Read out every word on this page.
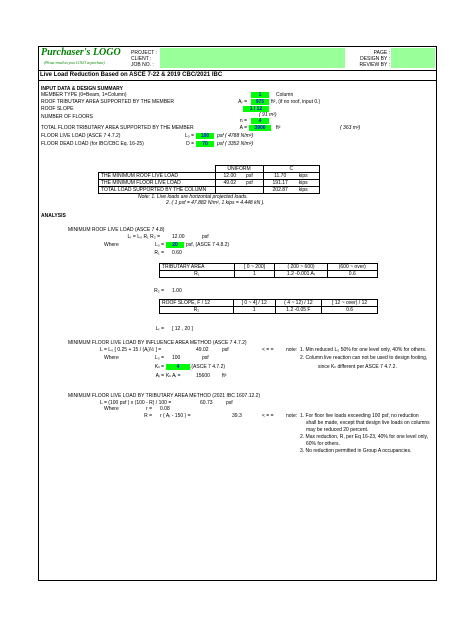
Purchaser's LOGO
(Please email us your LOGO at purchase)
PROJECT :
CLIENT :
JOB NO. :
PAGE :
DESIGN BY :
REVIEW BY :
Live Load Reduction Based on ASCE 7-22 & 2019 CBC/2021 IBC
INPUT DATA & DESIGN SUMMARY
MEMBER TYPE (0=Beam, 1=Column)	1	Column
ROOF TRIBUTARY AREA SUPPORTED BY THE MEMBER	Aᵣ =	975	ft², (if no roof, input 0.)
ROOF SLOPE	1 / 12
( 91 m²)
NUMBER OF FLOORS
n =	4
TOTAL FLOOR TRIBUTARY AREA SUPPORTED BY THE MEMBER	A =	3900	ft²	( 363 m²)
FLOOR LIVE LOAD (ASCE 7 4.7.2)	L₀ =	100	psf ( 4788 N/m²)
FLOOR DEAD LOAD (for IBC/CBC Eq. 16-25)	D =	70	psf ( 3352 N/m²)
	UNIFORM		C	
THE MINIMUM ROOF LIVE LOAD	12.00	psf	11.70	kips
THE MINIMUM FLOOR LIVE LOAD	49.02	psf	191.17	kips
TOTAL LOAD SUPPORTED BY THE COLUMN			202.87	kips
Note: 1. Live loads are horizontal projected loads.
2. ( 1 psf = 47.882 N/m², 1 kips = 4.448 kN ).
ANALYSIS
MINIMUM ROOF LIVE LOAD (ASCE 7 4.8)
Lᵣ = L₀ R₁ R₂ = 12.00	psf
Where	L₀ =	20	psf, (ASCE 7 4.8.2)
R₁ = 0.60
TRIBUTARY AREA	[ 0 ~ 200]	( 200 ~ 600)	(600 ~ over)
R₁	1	1.2 -0.001 Aᵣ	0.6
R₂ = 1.00
ROOF SLOPE, F / 12	[ 0 ~ 4] / 12	( 4 ~ 12) / 12	[ 12 ~ over) / 12
R₂	1	1.2 -0.05 F	0.6
Lᵣ = [ 12 , 20 ]
MINIMUM FLOOR LIVE LOAD BY INFLUENCE AREA METHOD (ASCE 7 4.7.2)
L = L₀ [ 0.25 + 15 / (Aᵢ)½ ] =	49.02	psf	< = = note: 1. Min reduced L₀ 50% for one level only, 40% for others.
2. Column live reaction can not be used to design footing,
since Kₗₗ different per ASCE 7 4.7.2.
Where	L₀ = 100	psf
Kₗₗ =	4	,(ASCE 7 4.7.2)
Aᵢ = Kₗₗ Aᵢ =	15600 ft²
MINIMUM FLOOR LIVE LOAD BY TRIBUTARY AREA METHOD (2021 IBC 1607.12.2)
L = (100 psf ) x (100 - R) / 100 =	60.73	psf
Where	r = 0.08
R = r ( Aᵣ - 150 ) =	39.3	< = = note: 1. For floor live loads exceeding 100 psf, no reduction
shall be made, except that design live loads on columns
may be reduced 20 percent.
2. Max reduction, R, per Eq 16-23, 40% for one level only,
60% for others.
3. No reduction permitted in Group A occupancies.
